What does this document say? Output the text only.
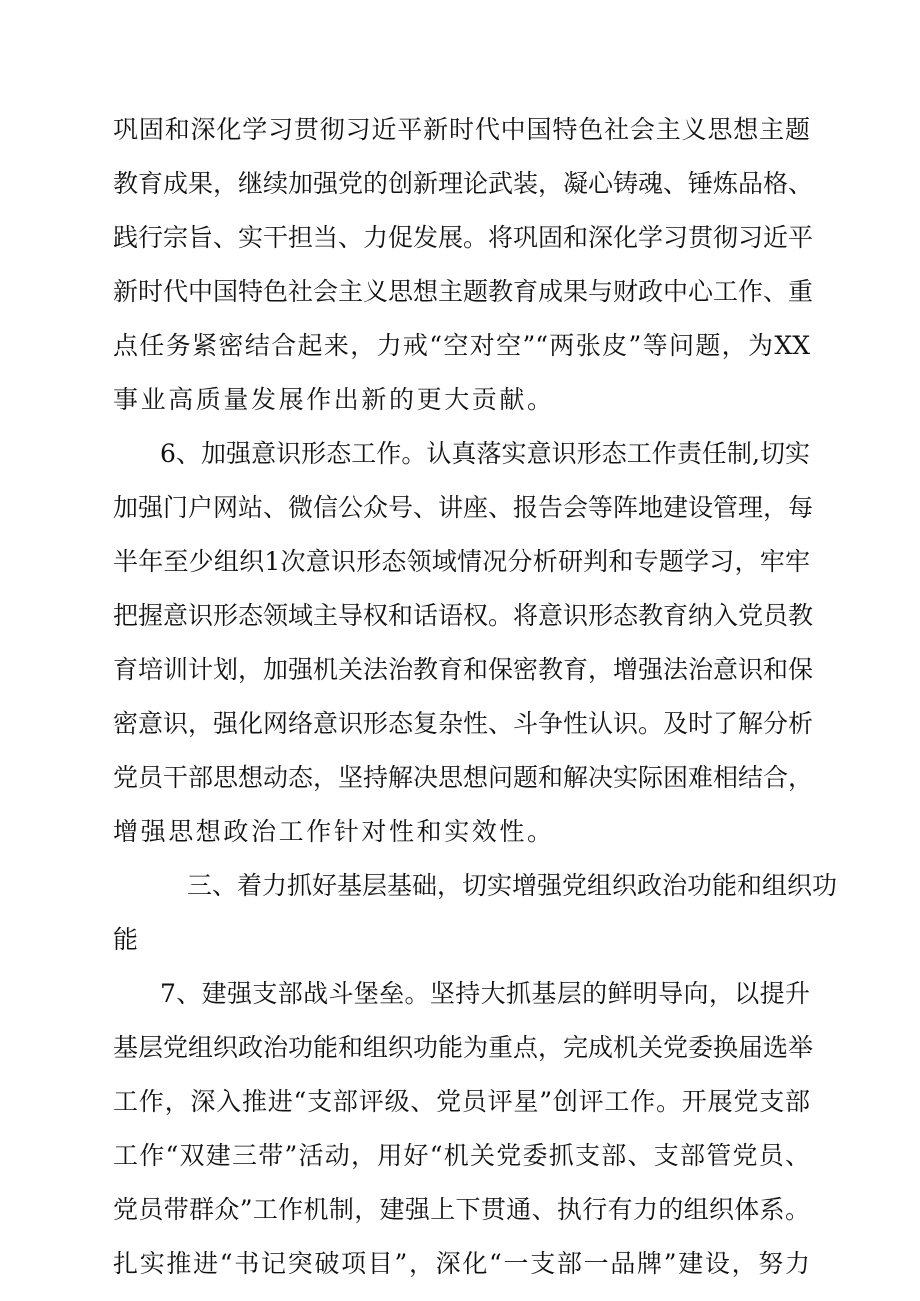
巩固和深化学习贯彻习近平新时代中国特色社会主义思想主题
教育成果，继续加强党的创新理论武装，凝心铸魂、锤炼品格、
践行宗旨、实干担当、力促发展。将巩固和深化学习贯彻习近平
新时代中国特色社会主义思想主题教育成果与财政中心工作、重
点任务紧密结合起来，力戒“空对空”“两张皮”等问题，为XX
事业高质量发展作出新的更大贡献。
6、加强意识形态工作。认真落实意识形态工作责任制,切实
加强门户网站、微信公众号、讲座、报告会等阵地建设管理，每
半年至少组织1次意识形态领域情况分析研判和专题学习，牢牢
把握意识形态领域主导权和话语权。将意识形态教育纳入党员教
育培训计划，加强机关法治教育和保密教育，增强法治意识和保
密意识，强化网络意识形态复杂性、斗争性认识。及时了解分析
党员干部思想动态，坚持解决思想问题和解决实际困难相结合，
增强思想政治工作针对性和实效性。
三、着力抓好基层基础，切实增强党组织政治功能和组织功
能
7、建强支部战斗堡垒。坚持大抓基层的鲜明导向，以提升
基层党组织政治功能和组织功能为重点，完成机关党委换届选举
工作，深入推进“支部评级、党员评星”创评工作。开展党支部
工作“双建三带”活动，用好“机关党委抓支部、支部管党员、
党员带群众”工作机制，建强上下贯通、执行有力的组织体系。
扎实推进“书记突破项目”，深化“一支部一品牌”建设，努力
